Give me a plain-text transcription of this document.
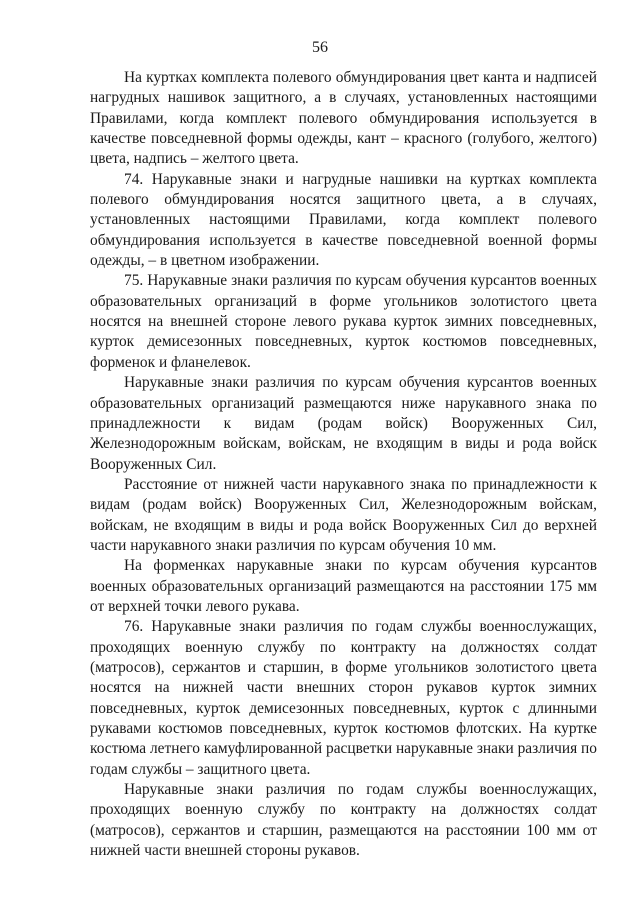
56

На куртках комплекта полевого обмундирования цвет канта и надписей нагрудных нашивок защитного, а в случаях, установленных настоящими Правилами, когда комплект полевого обмундирования используется в качестве повседневной формы одежды, кант – красного (голубого, желтого) цвета, надпись – желтого цвета.

74. Нарукавные знаки и нагрудные нашивки на куртках комплекта полевого обмундирования носятся защитного цвета, а в случаях, установленных настоящими Правилами, когда комплект полевого обмундирования используется в качестве повседневной военной формы одежды, – в цветном изображении.

75. Нарукавные знаки различия по курсам обучения курсантов военных образовательных организаций в форме угольников золотистого цвета носятся на внешней стороне левого рукава курток зимних повседневных, курток демисезонных повседневных, курток костюмов повседневных, форменок и фланелевок.

Нарукавные знаки различия по курсам обучения курсантов военных образовательных организаций размещаются ниже нарукавного знака по принадлежности к видам (родам войск) Вооруженных Сил, Железнодорожным войскам, войскам, не входящим в виды и рода войск Вооруженных Сил.

Расстояние от нижней части нарукавного знака по принадлежности к видам (родам войск) Вооруженных Сил, Железнодорожным войскам, войскам, не входящим в виды и рода войск Вооруженных Сил до верхней части нарукавного знаки различия по курсам обучения 10 мм.

На форменках нарукавные знаки по курсам обучения курсантов военных образовательных организаций размещаются на расстоянии 175 мм от верхней точки левого рукава.

76. Нарукавные знаки различия по годам службы военнослужащих, проходящих военную службу по контракту на должностях солдат (матросов), сержантов и старшин, в форме угольников золотистого цвета носятся на нижней части внешних сторон рукавов курток зимних повседневных, курток демисезонных повседневных, курток с длинными рукавами костюмов повседневных, курток костюмов флотских. На куртке костюма летнего камуфлированной расцветки нарукавные знаки различия по годам службы – защитного цвета.

Нарукавные знаки различия по годам службы военнослужащих, проходящих военную службу по контракту на должностях солдат (матросов), сержантов и старшин, размещаются на расстоянии 100 мм от нижней части внешней стороны рукавов.
